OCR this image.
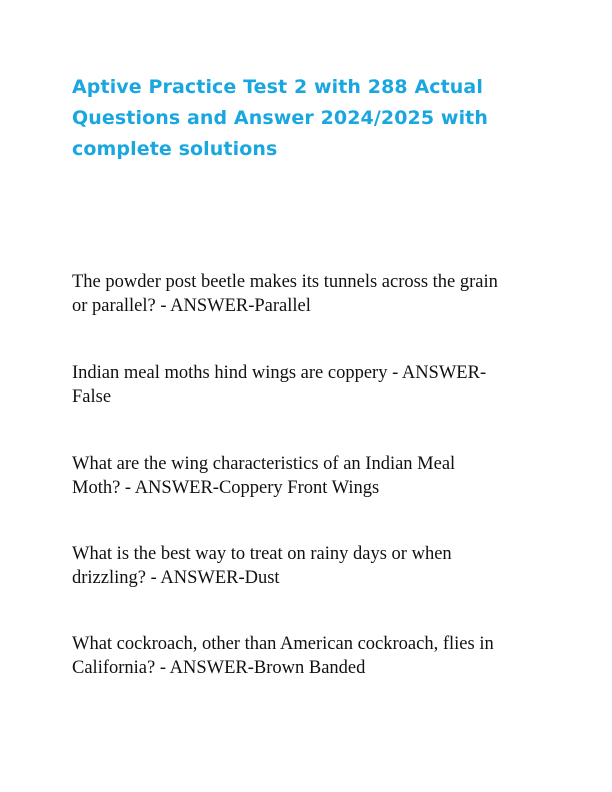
Aptive Practice Test 2 with 288 Actual Questions and Answer 2024/2025 with complete solutions

The powder post beetle makes its tunnels across the grain
or parallel? - ANSWER-Parallel

Indian meal moths hind wings are coppery - ANSWER-
False

What are the wing characteristics of an Indian Meal
Moth? - ANSWER-Coppery Front Wings

What is the best way to treat on rainy days or when
drizzling? - ANSWER-Dust

What cockroach, other than American cockroach, flies in
California? - ANSWER-Brown Banded
